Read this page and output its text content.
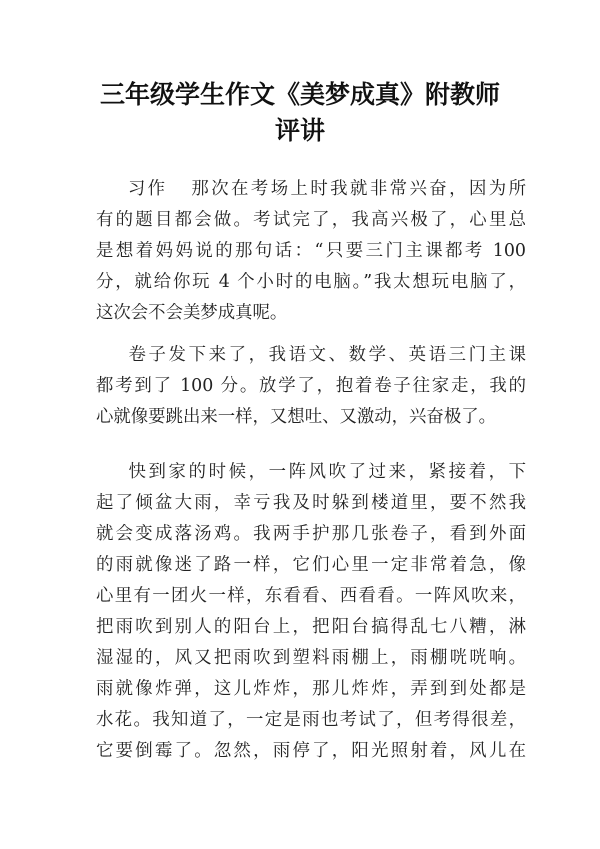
三年级学生作文《美梦成真》附教师
评讲
习作   那次在考场上时我就非常兴奋，因为所
有的题目都会做。考试完了，我高兴极了，心里总
是想着妈妈说的那句话：“只要三门主课都考 100
分，就给你玩 4 个小时的电脑。”我太想玩电脑了，
这次会不会美梦成真呢。
卷子发下来了，我语文、数学、英语三门主课
都考到了 100 分。放学了，抱着卷子往家走，我的
心就像要跳出来一样，又想吐、又激动，兴奋极了。
快到家的时候，一阵风吹了过来，紧接着，下
起了倾盆大雨，幸亏我及时躲到楼道里，要不然我
就会变成落汤鸡。我两手护那几张卷子，看到外面
的雨就像迷了路一样，它们心里一定非常着急，像
心里有一团火一样，东看看、西看看。一阵风吹来，
把雨吹到别人的阳台上，把阳台搞得乱七八糟，淋
湿湿的，风又把雨吹到塑料雨棚上，雨棚咣咣响。
雨就像炸弹，这儿炸炸，那儿炸炸，弄到到处都是
水花。我知道了，一定是雨也考试了，但考得很差，
它要倒霉了。忽然，雨停了，阳光照射着，风儿在
